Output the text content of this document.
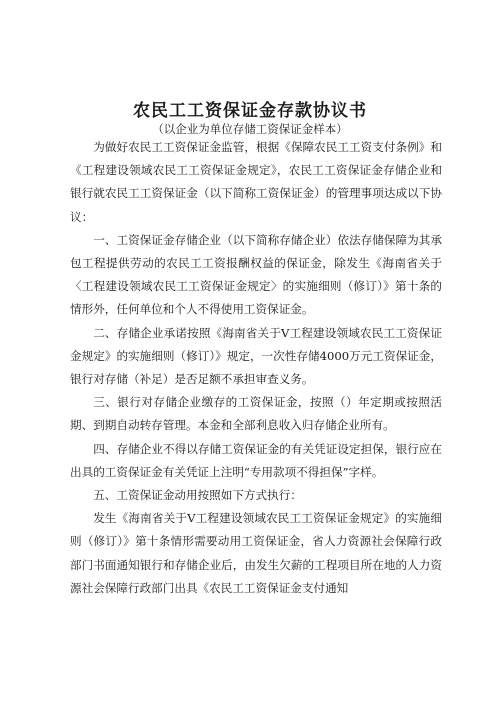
农民工工资保证金存款协议书
（以企业为单位存储工资保证金样本）

为做好农民工工资保证金监管，根据《保障农民工工资支付条例》和《工程建设领域农民工工资保证金规定》，农民工工资保证金存储企业和银行就农民工工资保证金（以下简称工资保证金）的管理事项达成以下协议：

一、工资保证金存储企业（以下简称存储企业）依法存储保障为其承包工程提供劳动的农民工工资报酬权益的保证金，除发生《海南省关于〈工程建设领域农民工工资保证金规定〉的实施细则（修订）》第十条的情形外，任何单位和个人不得使用工资保证金。

二、存储企业承诺按照《海南省关于V工程建设领域农民工工资保证金规定》的实施细则（修订）》规定，一次性存储4000万元工资保证金，银行对存储（补足）是否足额不承担审查义务。

三、银行对存储企业缴存的工资保证金，按照（）年定期或按照活期、到期自动转存管理。本金和全部利息收入归存储企业所有。

四、存储企业不得以存储工资保证金的有关凭证设定担保，银行应在出具的工资保证金有关凭证上注明“专用款项不得担保”字样。

五、工资保证金动用按照如下方式执行：

发生《海南省关于V工程建设领域农民工工资保证金规定》的实施细则（修订）》第十条情形需要动用工资保证金，省人力资源社会保障行政部门书面通知银行和存储企业后，由发生欠薪的工程项目所在地的人力资源社会保障行政部门出具《农民工工资保证金支付通知
